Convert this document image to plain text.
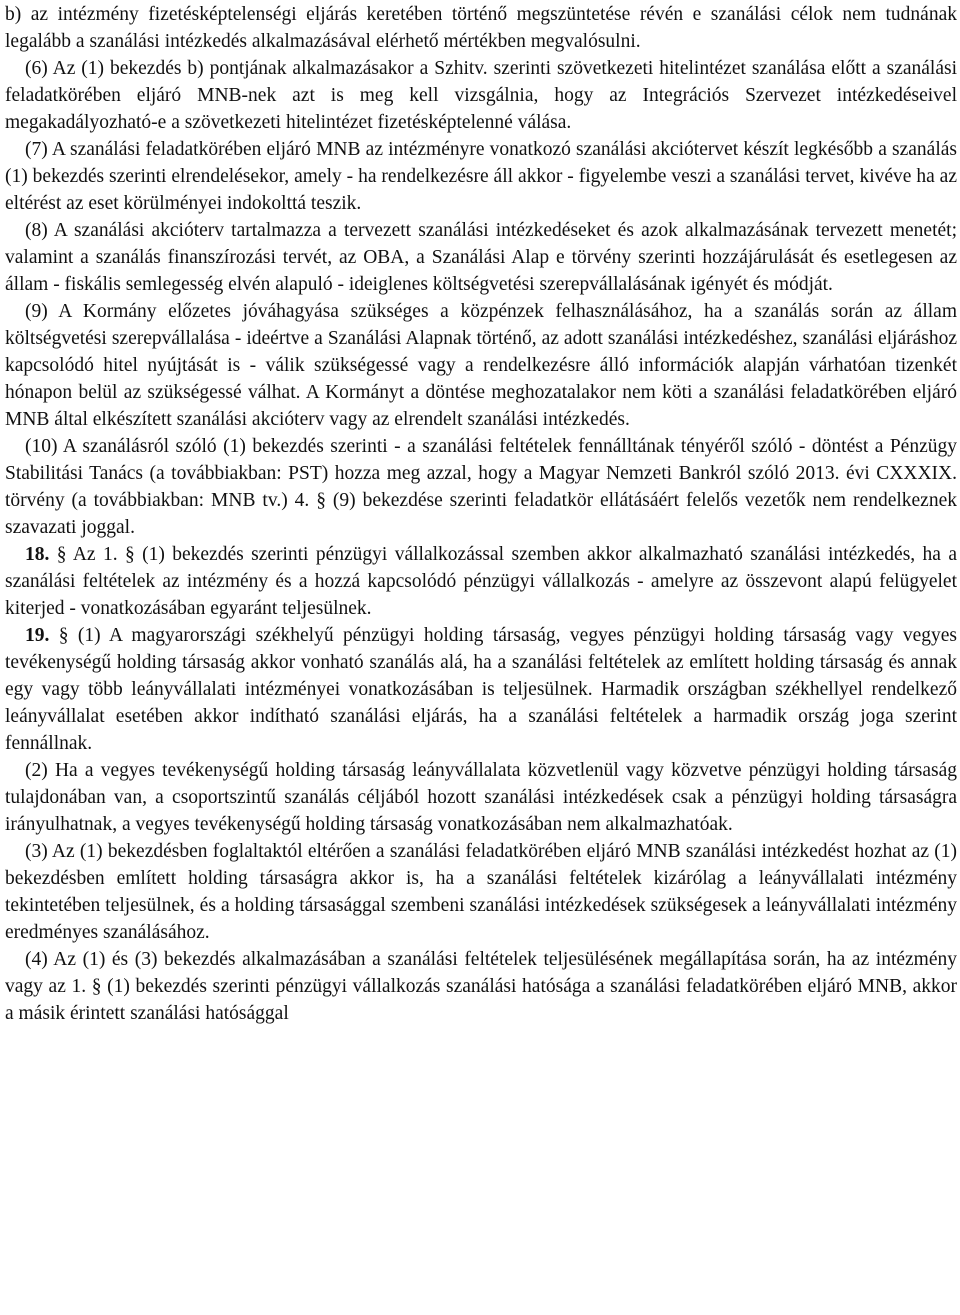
b) az intézmény fizetésképtelenségi eljárás keretében történő megszüntetése révén e szanálási célok nem tudnának legalább a szanálási intézkedés alkalmazásával elérhető mértékben megvalósulni.

(6) Az (1) bekezdés b) pontjának alkalmazásakor a Szhitv. szerinti szövetkezeti hitelintézet szanálása előtt a szanálási feladatkörében eljáró MNB-nek azt is meg kell vizsgálnia, hogy az Integrációs Szervezet intézkedéseivel megakadályozható-e a szövetkezeti hitelintézet fizetésképtelenné válása.

(7) A szanálási feladatkörében eljáró MNB az intézményre vonatkozó szanálási akciótervet készít legkésőbb a szanálás (1) bekezdés szerinti elrendelésekor, amely - ha rendelkezésre áll akkor - figyelembe veszi a szanálási tervet, kivéve ha az eltérést az eset körülményei indokolttá teszik.

(8) A szanálási akcióterv tartalmazza a tervezett szanálási intézkedéseket és azok alkalmazásának tervezett menetét; valamint a szanálás finanszírozási tervét, az OBA, a Szanálási Alap e törvény szerinti hozzájárulását és esetlegesen az állam - fiskális semlegesség elvén alapuló - ideiglenes költségvetési szerepvállalásának igényét és módját.

(9) A Kormány előzetes jóváhagyása szükséges a közpénzek felhasználásához, ha a szanálás során az állam költségvetési szerepvállalása - ideértve a Szanálási Alapnak történő, az adott szanálási intézkedéshez, szanálási eljáráshoz kapcsolódó hitel nyújtását is - válik szükségessé vagy a rendelkezésre álló információk alapján várhatóan tizenkét hónapon belül az szükségessé válhat. A Kormányt a döntése meghozatalakor nem köti a szanálási feladatkörében eljáró MNB által elkészített szanálási akcióterv vagy az elrendelt szanálási intézkedés.

(10) A szanálásról szóló (1) bekezdés szerinti - a szanálási feltételek fennálltának tényéről szóló - döntést a Pénzügy Stabilitási Tanács (a továbbiakban: PST) hozza meg azzal, hogy a Magyar Nemzeti Bankról szóló 2013. évi CXXXIX. törvény (a továbbiakban: MNB tv.) 4. § (9) bekezdése szerinti feladatkör ellátásáért felelős vezetők nem rendelkeznek szavazati joggal.

18. § Az 1. § (1) bekezdés szerinti pénzügyi vállalkozással szemben akkor alkalmazható szanálási intézkedés, ha a szanálási feltételek az intézmény és a hozzá kapcsolódó pénzügyi vállalkozás - amelyre az összevont alapú felügyelet kiterjed - vonatkozásában egyaránt teljesülnek.

19. § (1) A magyarországi székhelyű pénzügyi holding társaság, vegyes pénzügyi holding társaság vagy vegyes tevékenységű holding társaság akkor vonható szanálás alá, ha a szanálási feltételek az említett holding társaság és annak egy vagy több leányvállalati intézményei vonatkozásában is teljesülnek. Harmadik országban székhellyel rendelkező leányvállalat esetében akkor indítható szanálási eljárás, ha a szanálási feltételek a harmadik ország joga szerint fennállnak.

(2) Ha a vegyes tevékenységű holding társaság leányvállalata közvetlenül vagy közvetve pénzügyi holding társaság tulajdonában van, a csoportszintű szanálás céljából hozott szanálási intézkedések csak a pénzügyi holding társaságra irányulhatnak, a vegyes tevékenységű holding társaság vonatkozásában nem alkalmazhatóak.

(3) Az (1) bekezdésben foglaltaktól eltérően a szanálási feladatkörében eljáró MNB szanálási intézkedést hozhat az (1) bekezdésben említett holding társaságra akkor is, ha a szanálási feltételek kizárólag a leányvállalati intézmény tekintetében teljesülnek, és a holding társasággal szembeni szanálási intézkedések szükségesek a leányvállalati intézmény eredményes szanálásához.

(4) Az (1) és (3) bekezdés alkalmazásában a szanálási feltételek teljesülésének megállapítása során, ha az intézmény vagy az 1. § (1) bekezdés szerinti pénzügyi vállalkozás szanálási hatósága a szanálási feladatkörében eljáró MNB, akkor a másik érintett szanálási hatósággal
